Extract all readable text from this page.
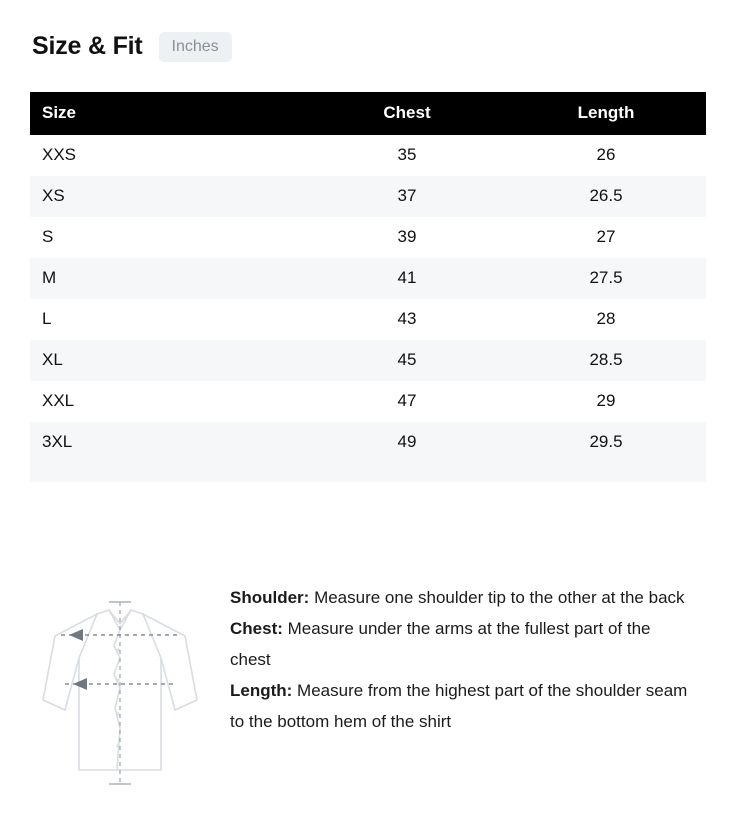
Size & Fit	Inches
Size	Chest	Length
XXS	35	26
XS	37	26.5
S	39	27
M	41	27.5
L	43	28
XL	45	28.5
XXL	47	29
3XL	49	29.5
Shoulder: Measure one shoulder tip to the other at the back
Chest: Measure under the arms at the fullest part of the chest
Length: Measure from the highest part of the shoulder seam to the bottom hem of the shirt
